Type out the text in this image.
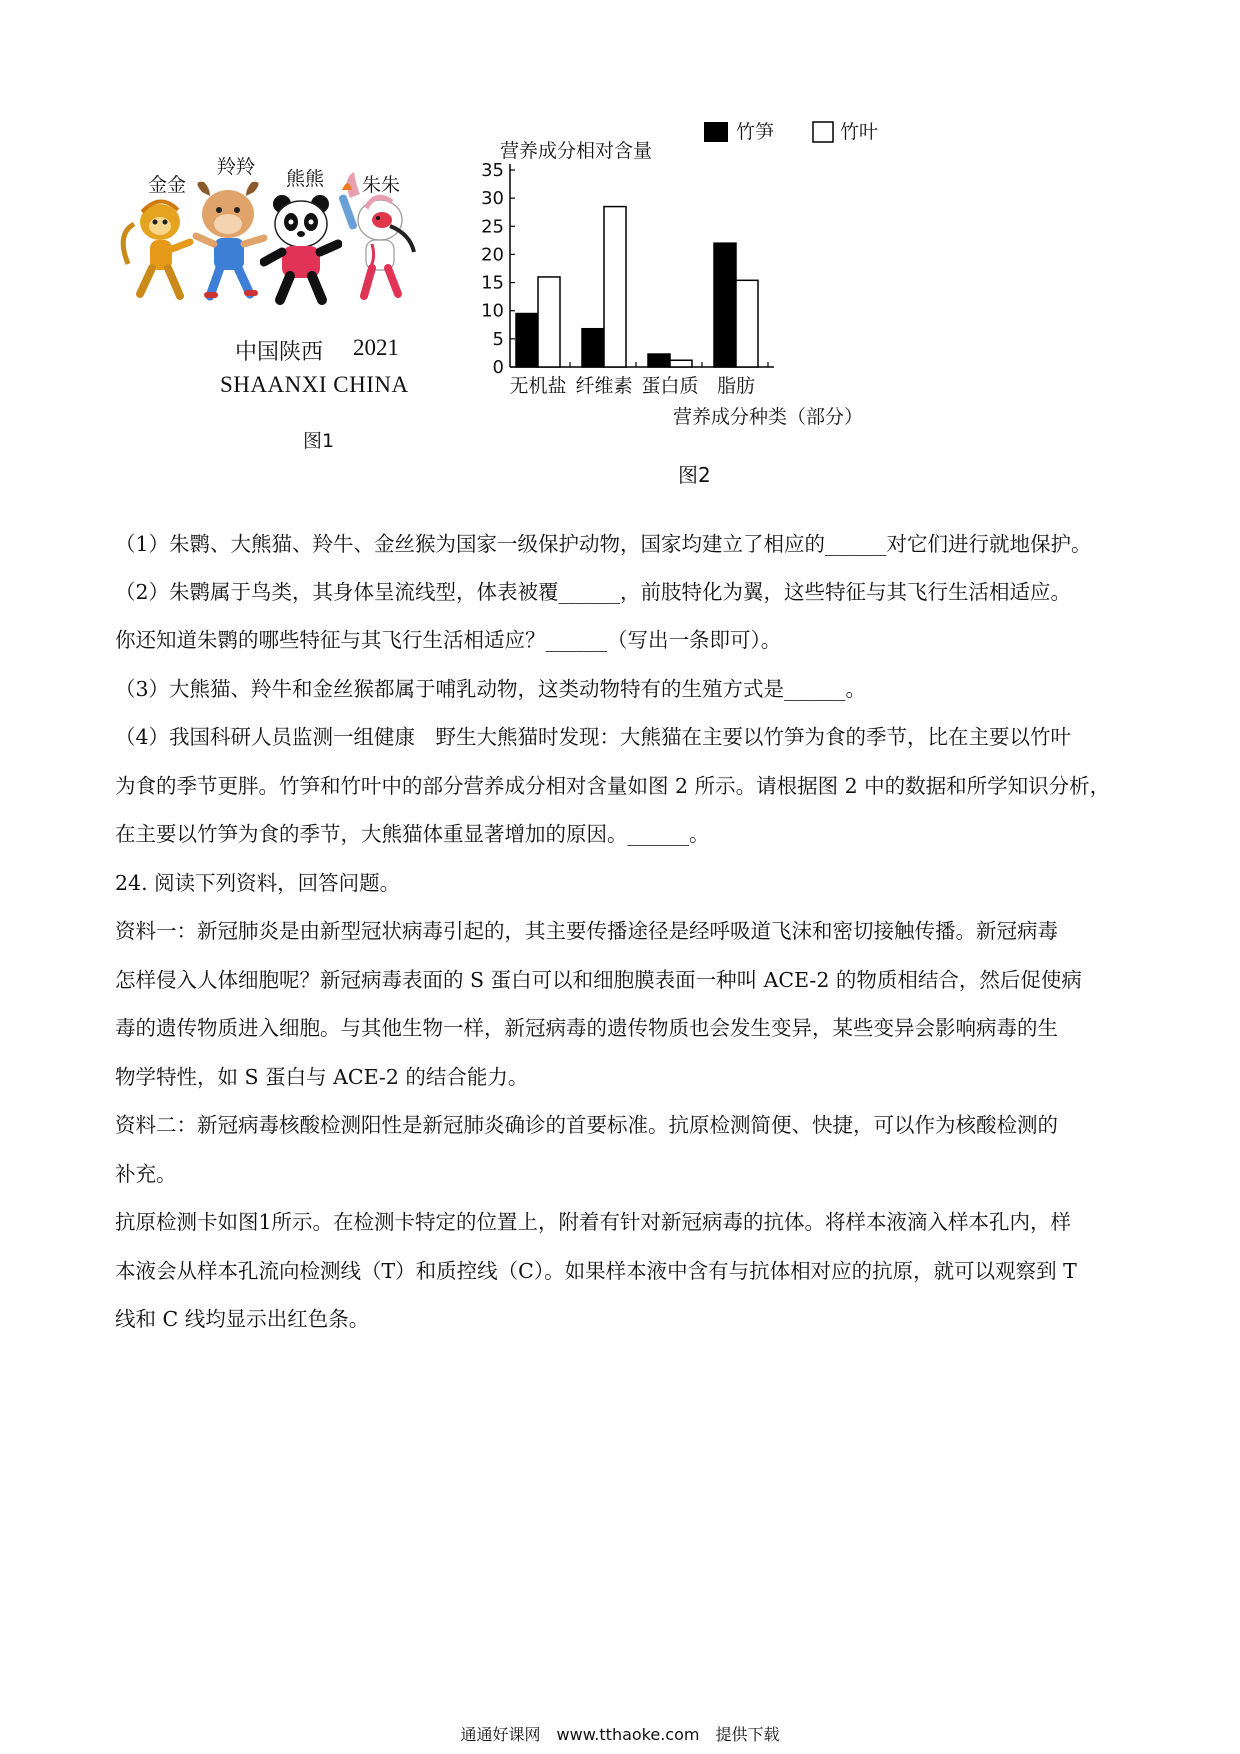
金金
羚羚
熊熊 朱朱
中国陕西 2021
SHAANXI CHINA
图1
营养成分相对含量
竹笋	竹叶
0
5
10
15
20
25
30
35
无机盐 纤维素 蛋白质 脂肪
营养成分种类（部分）
图2
（1）朱鹮、大熊猫、羚牛、金丝猴为国家一级保护动物，国家均建立了相应的______对它们进行就地保护。
（2）朱鹮属于鸟类，其身体呈流线型，体表被覆______，前肢特化为翼，这些特征与其飞行生活相适应。
你还知道朱鹮的哪些特征与其飞行生活相适应？______（写出一条即可）。
（3）大熊猫、羚牛和金丝猴都属于哺乳动物，这类动物特有的生殖方式是______。
（4）我国科研人员监测一组健康　野生大熊猫时发现：大熊猫在主要以竹笋为食的季节，比在主要以竹叶
为食的季节更胖。竹笋和竹叶中的部分营养成分相对含量如图 2 所示。请根据图 2 中的数据和所学知识分析，
在主要以竹笋为食的季节，大熊猫体重显著增加的原因。______。
24. 阅读下列资料，回答问题。
资料一：新冠肺炎是由新型冠状病毒引起的，其主要传播途径是经呼吸道飞沫和密切接触传播。新冠病毒
怎样侵入人体细胞呢？新冠病毒表面的 S 蛋白可以和细胞膜表面一种叫 ACE-2 的物质相结合，然后促使病
毒的遗传物质进入细胞。与其他生物一样，新冠病毒的遗传物质也会发生变异，某些变异会影响病毒的生
物学特性，如 S 蛋白与 ACE-2 的结合能力。
资料二：新冠病毒核酸检测阳性是新冠肺炎确诊的首要标准。抗原检测简便、快捷，可以作为核酸检测的
补充。
抗原检测卡如图1所示。在检测卡特定的位置上，附着有针对新冠病毒的抗体。将样本液滴入样本孔内，样
本液会从样本孔流向检测线（T）和质控线（C）。如果样本液中含有与抗体相对应的抗原，就可以观察到 T
线和 C 线均显示出红色条。
通通好课网　www.tthaoke.com　提供下载
